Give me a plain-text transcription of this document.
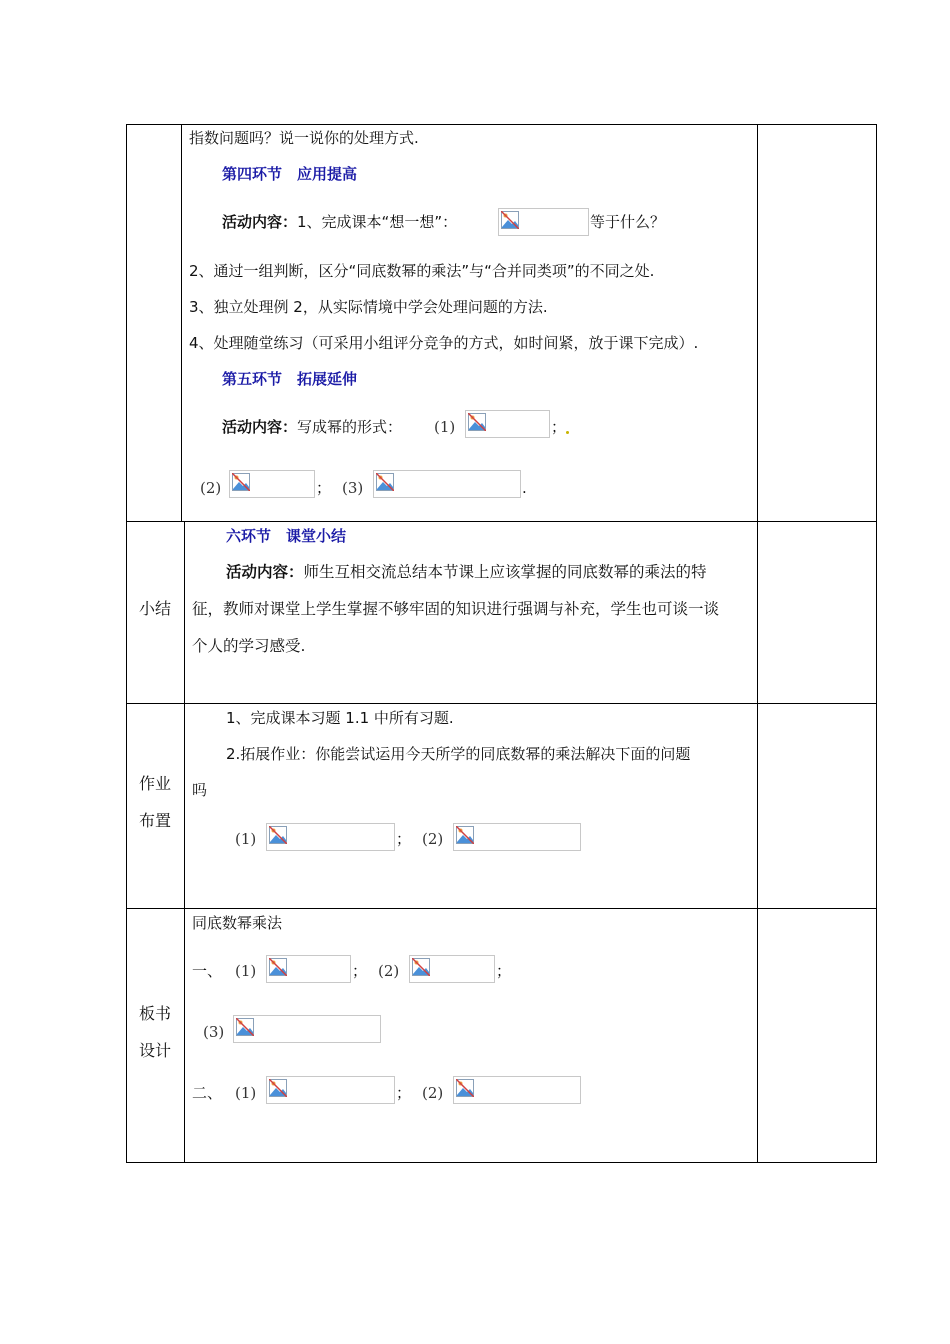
指数问题吗？说一说你的处理方式.
第四环节　应用提高
活动内容：1、完成课本“想一想”：	等于什么？
2、通过一组判断，区分“同底数幂的乘法”与“合并同类项”的不同之处.
3、独立处理例 2，从实际情境中学会处理问题的方法.
4、处理随堂练习（可采用小组评分竞争的方式，如时间紧，放于课下完成）.
第五环节　拓展延伸
活动内容：写成幂的形式： (1)	；
(2)	； (3)	.
小结
六环节　课堂小结
活动内容：师生互相交流总结本节课上应该掌握的同底数幂的乘法的特
征，教师对课堂上学生掌握不够牢固的知识进行强调与补充，学生也可谈一谈
个人的学习感受.
作业
布置
1、完成课本习题 1.1 中所有习题.
2.拓展作业：你能尝试运用今天所学的同底数幂的乘法解决下面的问题
吗
(1)	； (2)
板书
设计
同底数幂乘法
一、 (1)	； (2)	；
(3)
二、 (1)	； (2)
